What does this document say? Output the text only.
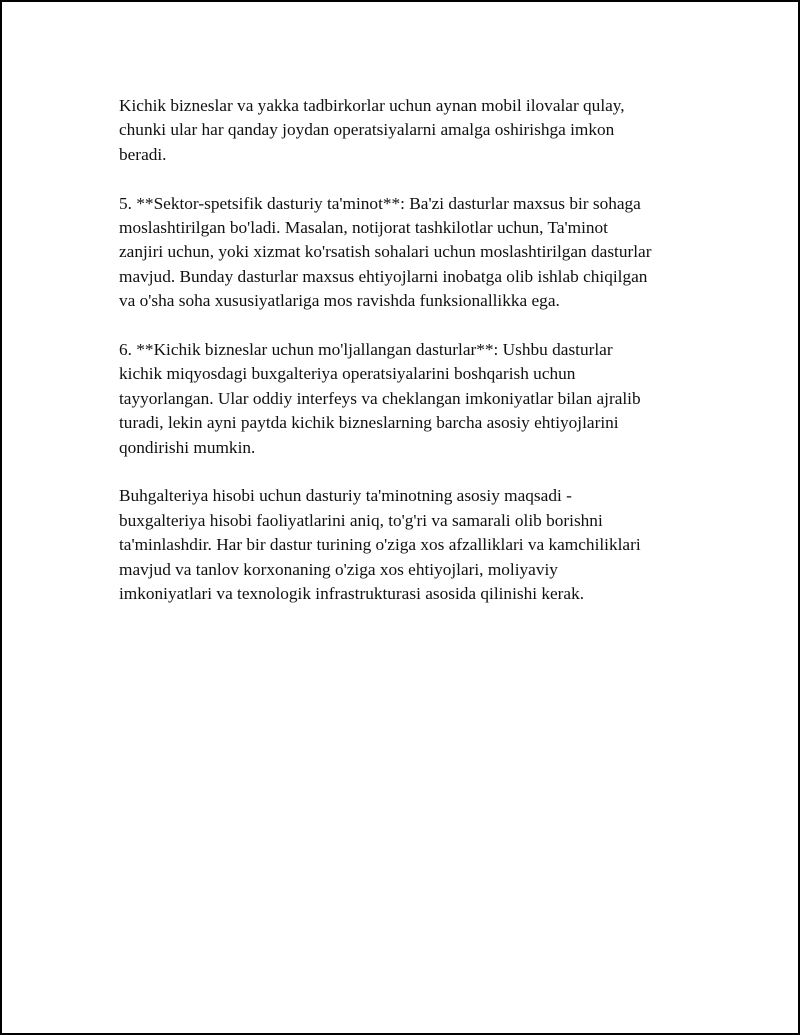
Kichik bizneslar va yakka tadbirkorlar uchun aynan mobil ilovalar qulay,
chunki ular har qanday joydan operatsiyalarni amalga oshirishga imkon
beradi.

5. **Sektor-spetsifik dasturiy ta'minot**: Ba'zi dasturlar maxsus bir sohaga
moslashtirilgan bo'ladi. Masalan, notijorat tashkilotlar uchun, Ta'minot
zanjiri uchun, yoki xizmat ko'rsatish sohalari uchun moslashtirilgan dasturlar
mavjud. Bunday dasturlar maxsus ehtiyojlarni inobatga olib ishlab chiqilgan
va o'sha soha xususiyatlariga mos ravishda funksionallikka ega.

6. **Kichik bizneslar uchun mo'ljallangan dasturlar**: Ushbu dasturlar
kichik miqyosdagi buxgalteriya operatsiyalarini boshqarish uchun
tayyorlangan. Ular oddiy interfeys va cheklangan imkoniyatlar bilan ajralib
turadi, lekin ayni paytda kichik bizneslarning barcha asosiy ehtiyojlarini
qondirishi mumkin.

Buhgalteriya hisobi uchun dasturiy ta'minotning asosiy maqsadi -
buxgalteriya hisobi faoliyatlarini aniq, to'g'ri va samarali olib borishni
ta'minlashdir. Har bir dastur turining o'ziga xos afzalliklari va kamchiliklari
mavjud va tanlov korxonaning o'ziga xos ehtiyojlari, moliyaviy
imkoniyatlari va texnologik infrastrukturasi asosida qilinishi kerak.
